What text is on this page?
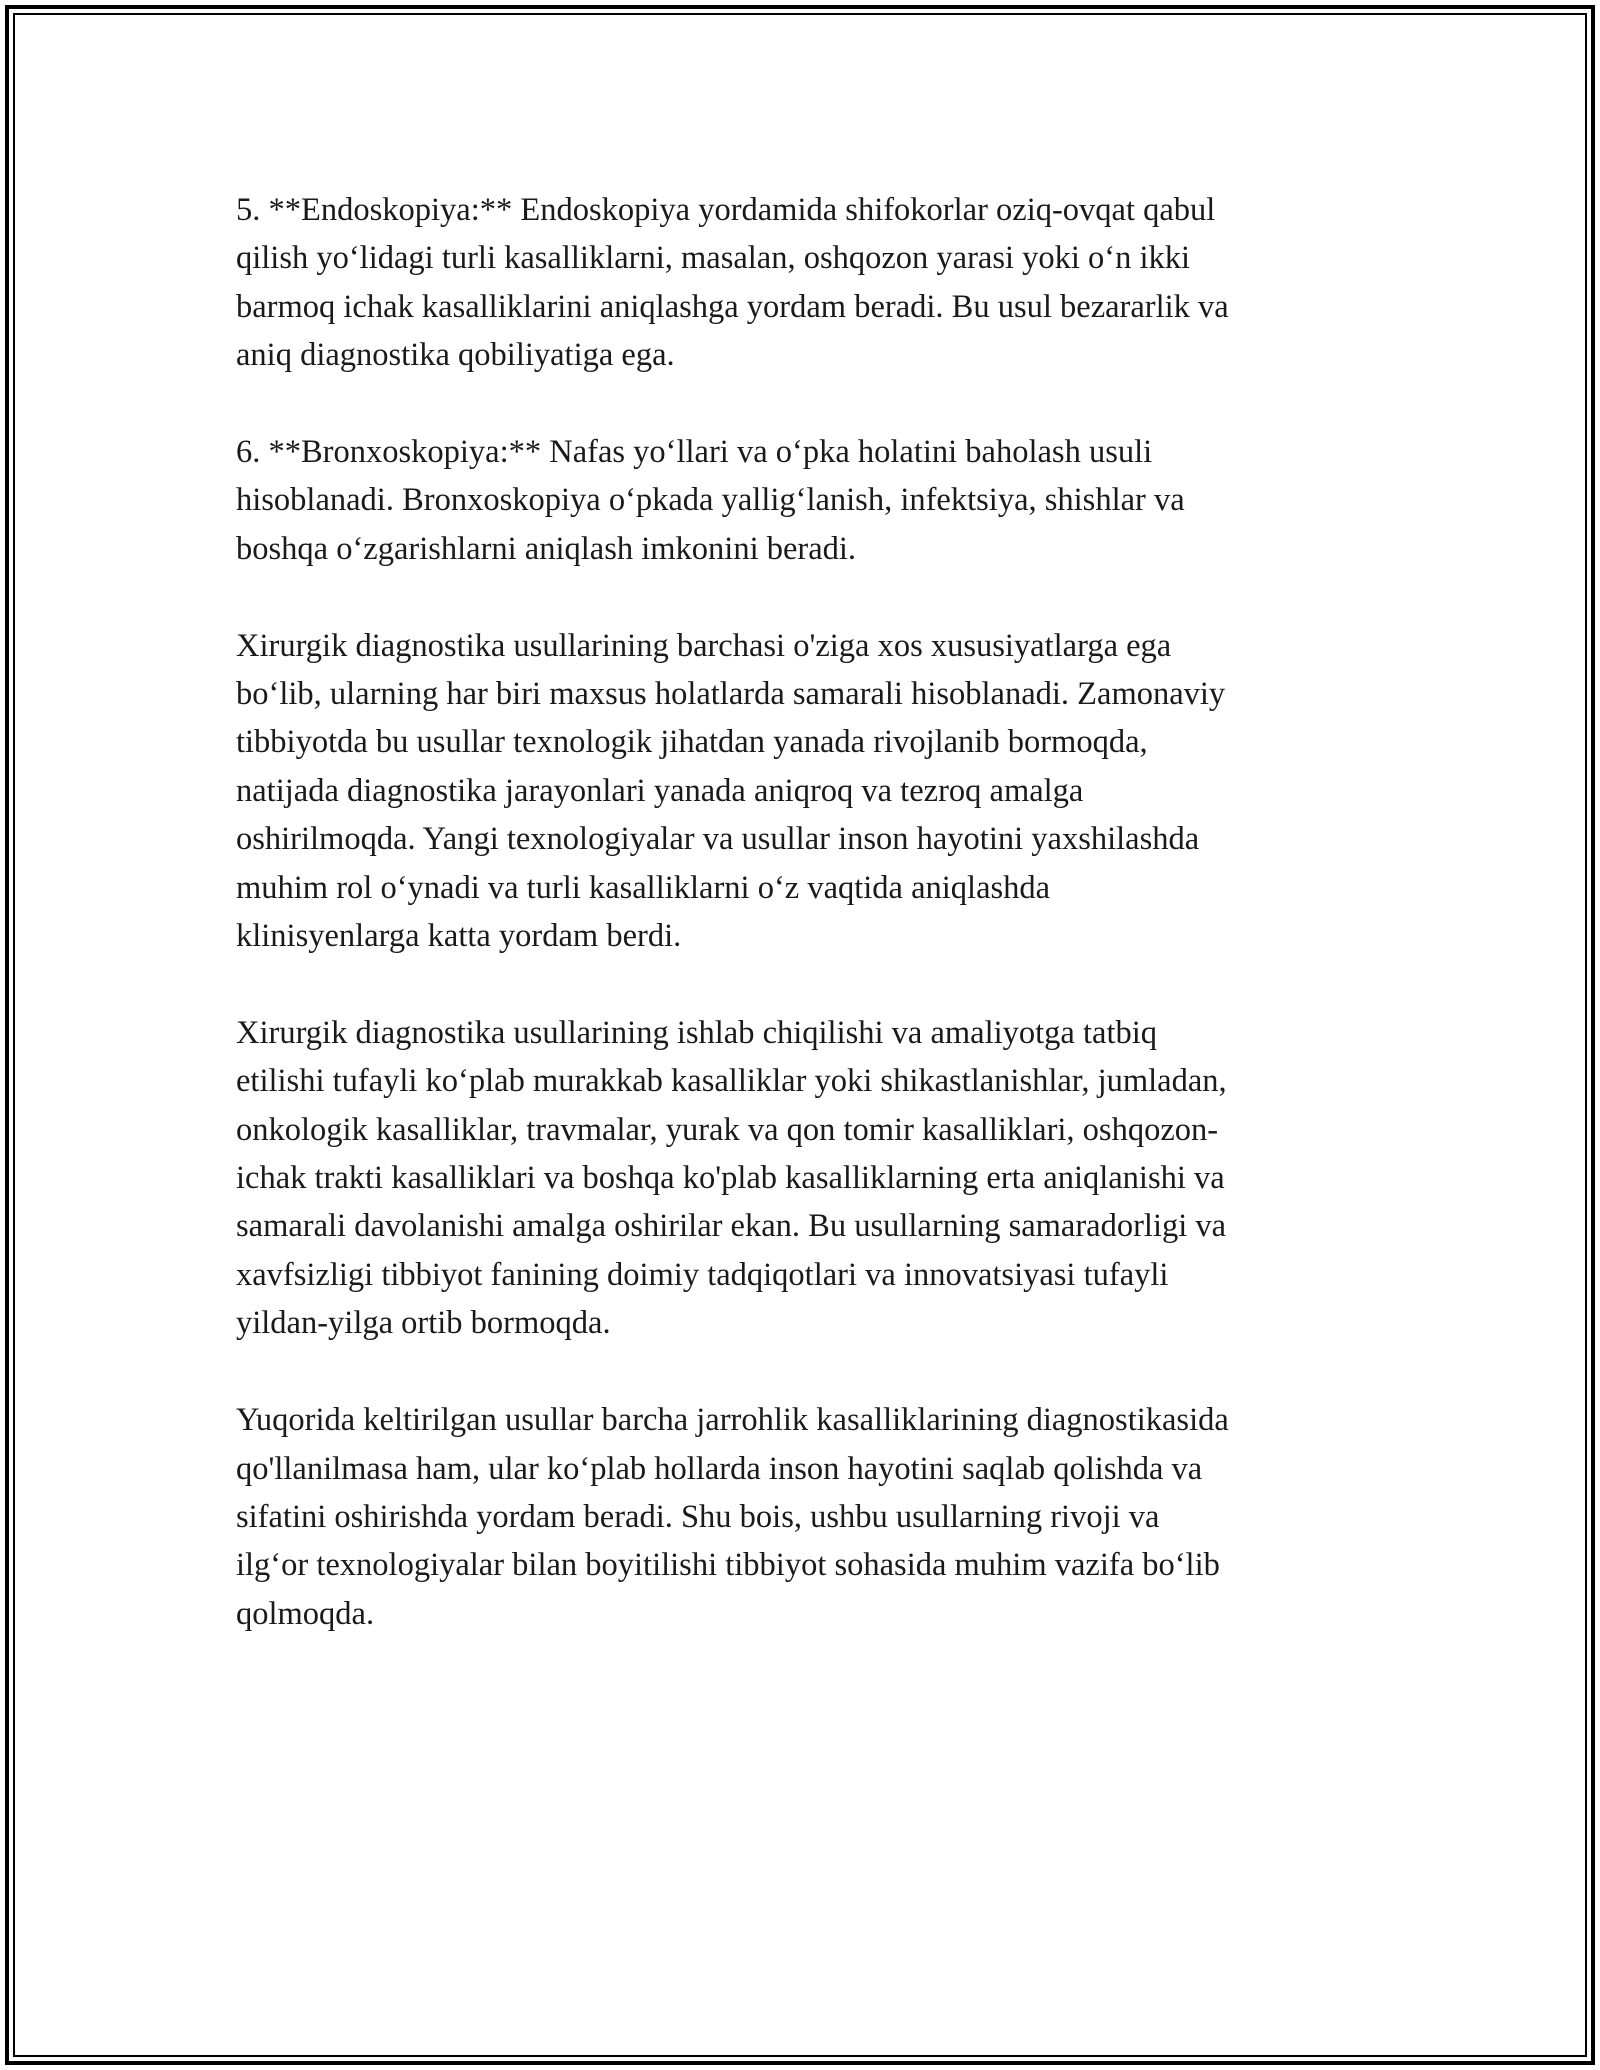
5. **Endoskopiya:** Endoskopiya yordamida shifokorlar oziq-ovqat qabul
qilish yo‘lidagi turli kasalliklarni, masalan, oshqozon yarasi yoki o‘n ikki
barmoq ichak kasalliklarini aniqlashga yordam beradi. Bu usul bezararlik va
aniq diagnostika qobiliyatiga ega.

6. **Bronxoskopiya:** Nafas yo‘llari va o‘pka holatini baholash usuli
hisoblanadi. Bronxoskopiya o‘pkada yallig‘lanish, infektsiya, shishlar va
boshqa o‘zgarishlarni aniqlash imkonini beradi.

Xirurgik diagnostika usullarining barchasi o'ziga xos xususiyatlarga ega
bo‘lib, ularning har biri maxsus holatlarda samarali hisoblanadi. Zamonaviy
tibbiyotda bu usullar texnologik jihatdan yanada rivojlanib bormoqda,
natijada diagnostika jarayonlari yanada aniqroq va tezroq amalga
oshirilmoqda. Yangi texnologiyalar va usullar inson hayotini yaxshilashda
muhim rol o‘ynadi va turli kasalliklarni o‘z vaqtida aniqlashda
klinisyenlarga katta yordam berdi.

Xirurgik diagnostika usullarining ishlab chiqilishi va amaliyotga tatbiq
etilishi tufayli ko‘plab murakkab kasalliklar yoki shikastlanishlar, jumladan,
onkologik kasalliklar, travmalar, yurak va qon tomir kasalliklari, oshqozon-
ichak trakti kasalliklari va boshqa ko'plab kasalliklarning erta aniqlanishi va
samarali davolanishi amalga oshirilar ekan. Bu usullarning samaradorligi va
xavfsizligi tibbiyot fanining doimiy tadqiqotlari va innovatsiyasi tufayli
yildan-yilga ortib bormoqda.

Yuqorida keltirilgan usullar barcha jarrohlik kasalliklarining diagnostikasida
qo'llanilmasa ham, ular ko‘plab hollarda inson hayotini saqlab qolishda va
sifatini oshirishda yordam beradi. Shu bois, ushbu usullarning rivoji va
ilg‘or texnologiyalar bilan boyitilishi tibbiyot sohasida muhim vazifa bo‘lib
qolmoqda.
